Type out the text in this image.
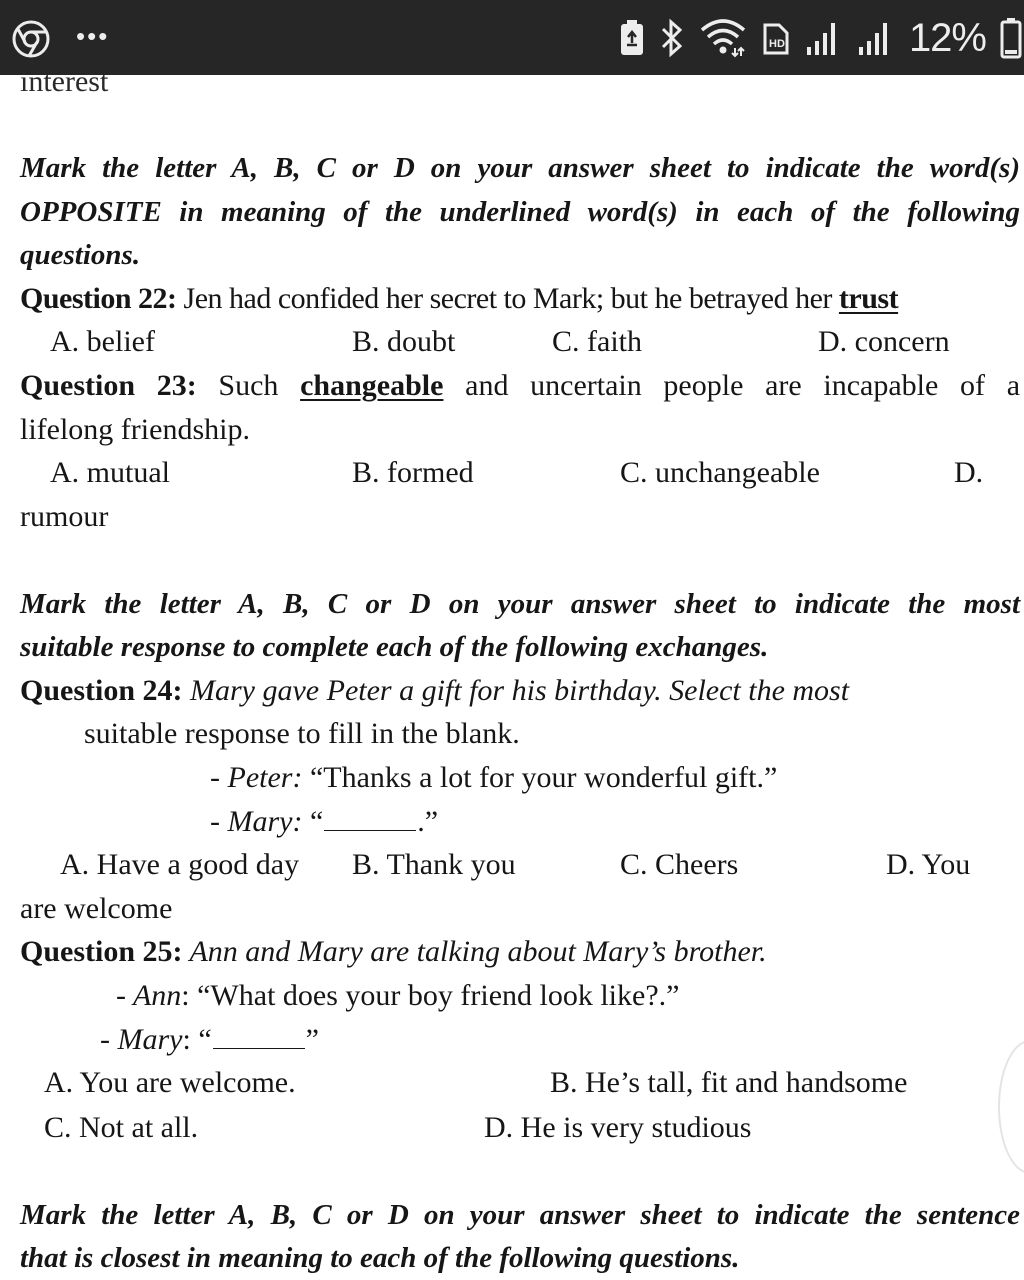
•••	HD	12%
interest
Mark the letter A, B, C or D on your answer sheet to indicate the word(s)
OPPOSITE in meaning of the underlined word(s) in each of the following
questions.
Question 22: Jen had confided her secret to Mark; but he betrayed her trust
A. belief	B. doubt	C. faith	D. concern
Question 23: Such changeable and uncertain people are incapable of a
lifelong friendship.
A. mutual	B. formed	C. unchangeable	D.
rumour
Mark the letter A, B, C or D on your answer sheet to indicate the most
suitable response to complete each of the following exchanges.
Question 24: Mary gave Peter a gift for his birthday. Select the most
suitable response to fill in the blank.
- Peter: “Thanks a lot for your wonderful gift.”
- Mary: “	.”
A. Have a good day B. Thank you	C. Cheers	D. You
are welcome
Question 25: Ann and Mary are talking about Mary’s brother.
- Ann: “What does your boy friend look like?.”
- Mary: “	”
A. You are welcome.	B. He’s tall, fit and handsome
C. Not at all.	D. He is very studious
Mark the letter A, B, C or D on your answer sheet to indicate the sentence
that is closest in meaning to each of the following questions.
